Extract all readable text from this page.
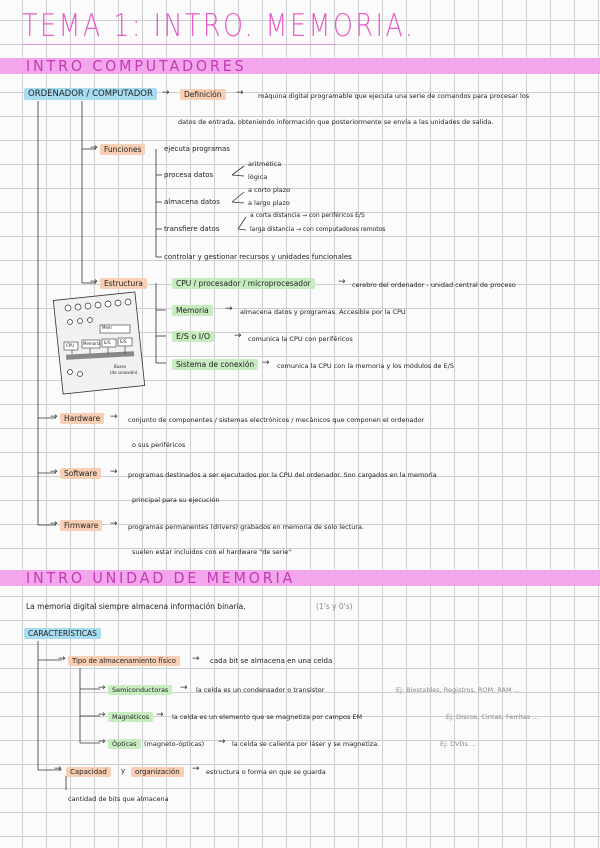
TEMA 1: INTRO. MEMORIA.
INTRO COMPUTADORES
Mem
Memoria E/S E/S
CPU
Buses
(de conexión)
ORDENADOR / COMPUTADOR	→	Definición	→ máquina digital programable que ejecuta una serie de comandos para procesar los
datos de entrada, obteniendo información que posteriormente se envía a las unidades de salida.
→ Funciones	ejecuta programas
procesa datos
aritmética
lógica
almacena datos
a corto plazo
a largo plazo
transfiere datos
a corta distancia → con periféricos E/S
larga distancia → con computadores remotos
controlar y gestionar recursos y unidades funcionales
→ Estructura	CPU / procesador / microprocesador	→ cerebro del ordenador - unidad central de proceso
Memoria	→ almacena datos y programas. Accesible por la CPU
E/S o I/O	→ comunica la CPU con periféricos
Sistema de conexión → comunica la CPU con la memoria y los módulos de E/S
→ Hardware	→ conjunto de componentes / sistemas electrónicos / mecánicos que componen el ordenador
o sus periféricos
→ Software	→ programas destinados a ser ejecutados por la CPU del ordenador. Son cargados en la memoria
principal para su ejecución
→ Firmware	→ programas permanentes (drivers) grabados en memoria de solo lectura.
suelen estar incluidos con el hardware "de serie"
INTRO UNIDAD DE MEMORIA
La memoria digital siempre almacena información binaria.	(1's y 0's)
CARACTERÍSTICAS
→ Tipo de almacenamiento físico	→ cada bit se almacena en una celda
→ Semiconductoras	→ la celda es un condensador o transistor	Ej: Biestables, Registros, ROM, RAM ...
→ Magnéticos → la celda es un elemento que se magnetiza por campos EM	Ej: Discos, Cintas, Ferritas ...
→ Ópticas	(magneto-ópticas) → la celda se calienta por láser y se magnetiza.	Ej: DVDs ...
→	Capacidad	y	organización	→ estructura o forma en que se guarda
cantidad de bits que almacena
